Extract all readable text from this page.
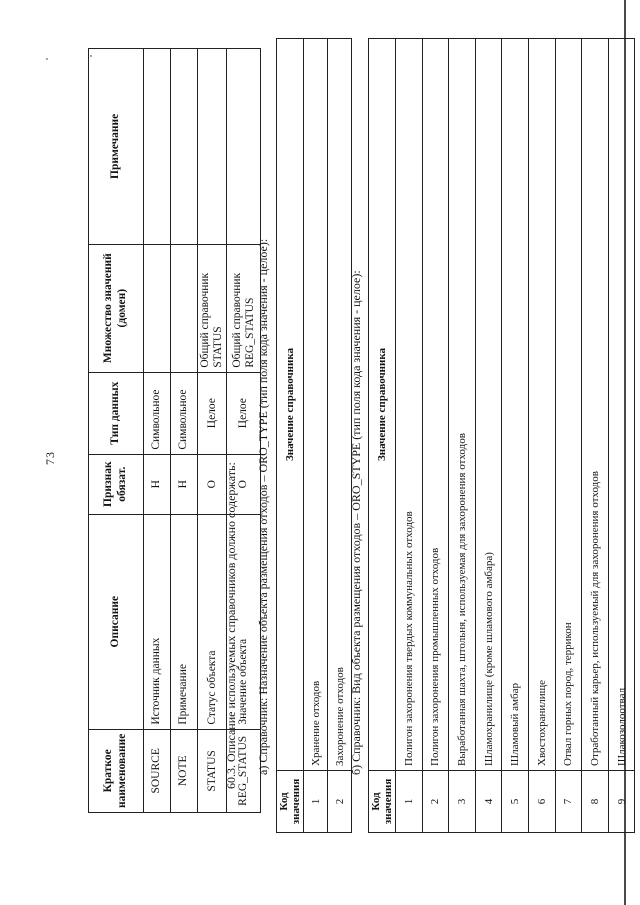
73
Краткое наименование	Описание	Признак обязат.	Тип данных	Множество значений (домен)	Примечание
SOURCE	Источник данных	Н	Символьное		
NOTE	Примечание	Н	Символьное		
STATUS	Статус объекта	О	Целое	Общий справочник STATUS	
REG_STATUS	Значение объекта	О	Целое	Общий справочник REG_STATUS	
60.3. Описание используемых справочников должно содержать: а) Справочник: Назначение объекта размещения отходов – ORO_TYPE (тип поля кода значения - целое):
Код значения	Значение справочника
1	Хранение отходов
2	Захоронение отходов б) Справочник: Вид объекта размещения отходов – ORO_STYPE (тип поля кода значения - целое):
Код значения	Значение справочника
1	Полигон захоронения твердых коммунальных отходов
2	Полигон захоронения промышленных отходов
3	Выработанная шахта, штольня, используемая для захоронения отходов
4	Шламохранилище (кроме шламового амбара)
5	Шламовый амбар
6	Хвостохранилище
7	Отвал горных пород, террикон
8	Отработанный карьер, используемый для захоронения отходов
9	Шлакозолоотвал
